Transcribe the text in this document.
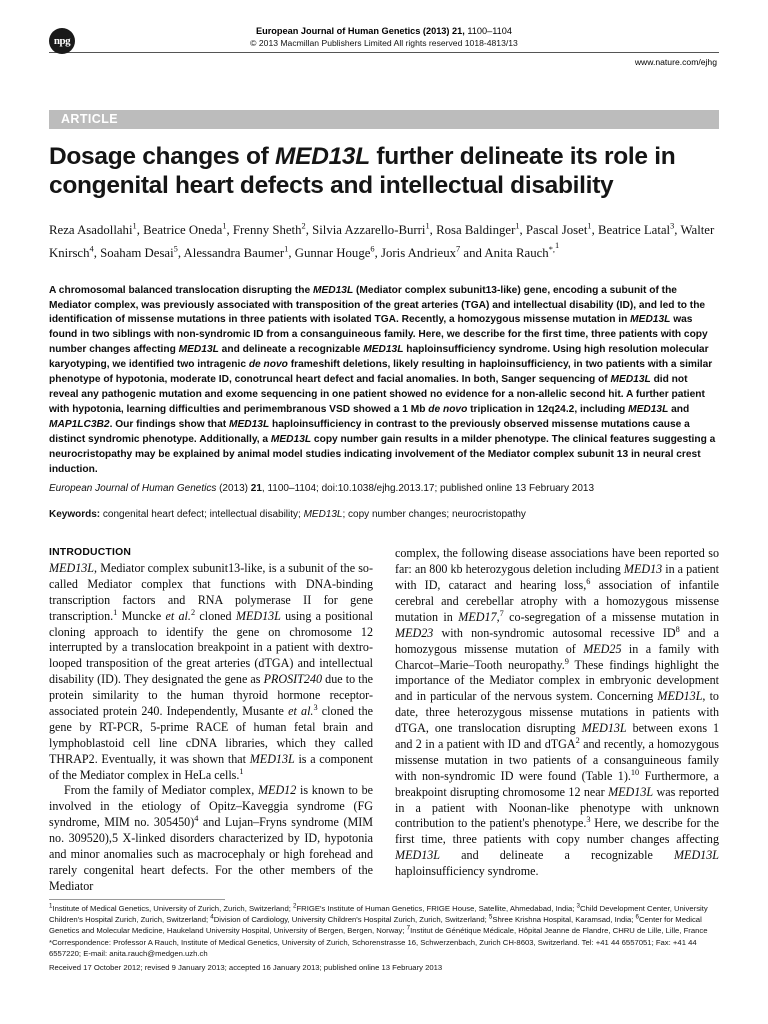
npg
European Journal of Human Genetics (2013) 21, 1100–1104
© 2013 Macmillan Publishers Limited All rights reserved 1018-4813/13
www.nature.com/ejhg
ARTICLE
Dosage changes of MED13L further delineate its role in congenital heart defects and intellectual disability
Reza Asadollahi$^1$, Beatrice Oneda$^1$, Frenny Sheth$^2$, Silvia Azzarello-Burri$^1$, Rosa Baldinger$^1$, Pascal Joset$^1$, Beatrice Latal$^3$, Walter Knirsch$^4$, Soaham Desai$^5$, Alessandra Baumer$^1$, Gunnar Houge$^6$, Joris Andrieux$^7$ and Anita Rauch$^{*,^1}$
A chromosomal balanced translocation disrupting the MED13L (Mediator complex subunit13-like) gene, encoding a subunit of the Mediator complex, was previously associated with transposition of the great arteries (TGA) and intellectual disability (ID), and led to the identification of missense mutations in three patients with isolated TGA. Recently, a homozygous missense mutation in MED13L was found in two siblings with non-syndromic ID from a consanguineous family. Here, we describe for the first time, three patients with copy number changes affecting MED13L and delineate a recognizable MED13L haploinsufficiency syndrome. Using high resolution molecular karyotyping, we identified two intragenic de novo frameshift deletions, likely resulting in haploinsufficiency, in two patients with a similar phenotype of hypotonia, moderate ID, conotruncal heart defect and facial anomalies. In both, Sanger sequencing of MED13L did not reveal any pathogenic mutation and exome sequencing in one patient showed no evidence for a non-allelic second hit. A further patient with hypotonia, learning difficulties and perimembranous VSD showed a 1 Mb de novo triplication in 12q24.2, including MED13L and MAP1LC3B2. Our findings show that MED13L haploinsufficiency in contrast to the previously observed missense mutations cause a distinct syndromic phenotype. Additionally, a MED13L copy number gain results in a milder phenotype. The clinical features suggesting a neurocristopathy may be explained by animal model studies indicating involvement of the Mediator complex subunit 13 in neural crest induction.
European Journal of Human Genetics (2013) 21, 1100–1104; doi:10.1038/ejhg.2013.17; published online 13 February 2013
Keywords: congenital heart defect; intellectual disability; MED13L; copy number changes; neurocristopathy
INTRODUCTION

MED13L, Mediator complex subunit13-like, is a subunit of the so-called Mediator complex that functions with DNA-binding transcription factors and RNA polymerase II for gene transcription.$^1$ Muncke et al.$^2$ cloned MED13L using a positional cloning approach to identify the gene on chromosome 12 interrupted by a translocation breakpoint in a patient with dextro-looped transposition of the great arteries (dTGA) and intellectual disability (ID). They designated the gene as PROSIT240 due to the protein similarity to the human thyroid hormone receptor-associated protein 240. Independently, Musante et al.$^3$ cloned the gene by RT-PCR, 5-prime RACE of human fetal brain and lymphoblastoid cell line cDNA libraries, which they called THRAP2. Eventually, it was shown that MED13L is a component of the Mediator complex in HeLa cells.$^1$

From the family of Mediator complex, MED12 is known to be involved in the etiology of Opitz–Kaveggia syndrome (FG syndrome, MIM no. 305450)$^4$ and Lujan–Fryns syndrome (MIM no. 309520),5 X-linked disorders characterized by ID, hypotonia and minor anomalies such as macrocephaly or high forehead and rarely congenital heart defects. For the other members of the Mediator

complex, the following disease associations have been reported so far: an 800 kb heterozygous deletion including MED13 in a patient with ID, cataract and hearing loss,$^6$ association of infantile cerebral and cerebellar atrophy with a homozygous missense mutation in MED17,$^7$ co-segregation of a missense mutation in MED23 with non-syndromic autosomal recessive $ID^8$ and a homozygous missense mutation of MED25 in a family with Charcot–Marie–Tooth neuropathy.$^9$ These findings highlight the importance of the Mediator complex in embryonic development and in particular of the nervous system. Concerning MED13L, to date, three heterozygous missense mutations in patients with dTGA, one translocation disrupting MED13L between exons 1 and 2 in a patient with ID and dTGA$^2$ and recently, a homozygous missense mutation in two patients of a consanguineous family with non-syndromic ID were found (Table 1).$^{10}$ Furthermore, a breakpoint disrupting chromosome 12 near MED13L was reported in a patient with Noonan-like phenotype with unknown contribution to the patient's phenotype.$^3$ Here, we describe for the first time, three patients with copy number changes affecting MED13L and delineate a recognizable MED13L haploinsufficiency syndrome.

$^1$Institute of Medical Genetics, University of Zurich, Zurich, Switzerland; $^2$FRIGE's Institute of Human Genetics, FRIGE House, Satellite, Ahmedabad, India; $^3$Child Development Center, University Children's Hospital Zurich, Zurich, Switzerland; $^4$Division of Cardiology, University Children's Hospital Zurich, Zurich, Switzerland; $^5$Shree Krishna Hospital, Karamsad, India; $^6$Center for Medical Genetics and Molecular Medicine, Haukeland University Hospital, University of Bergen, Bergen, Norway; $^7$Institut de Génétique Médicale, Hôpital Jeanne de Flandre, CHRU de Lille, Lille, France

*Correspondence: Professor A Rauch, Institute of Medical Genetics, University of Zurich, Schorenstrasse 16, Schwerzenbach, Zurich CH-8603, Switzerland. Tel: +41 44 6557051; Fax: +41 44 6557220; E-mail: anita.rauch@medgen.uzh.ch

Received 17 October 2012; revised 9 January 2013; accepted 16 January 2013; published online 13 February 2013
